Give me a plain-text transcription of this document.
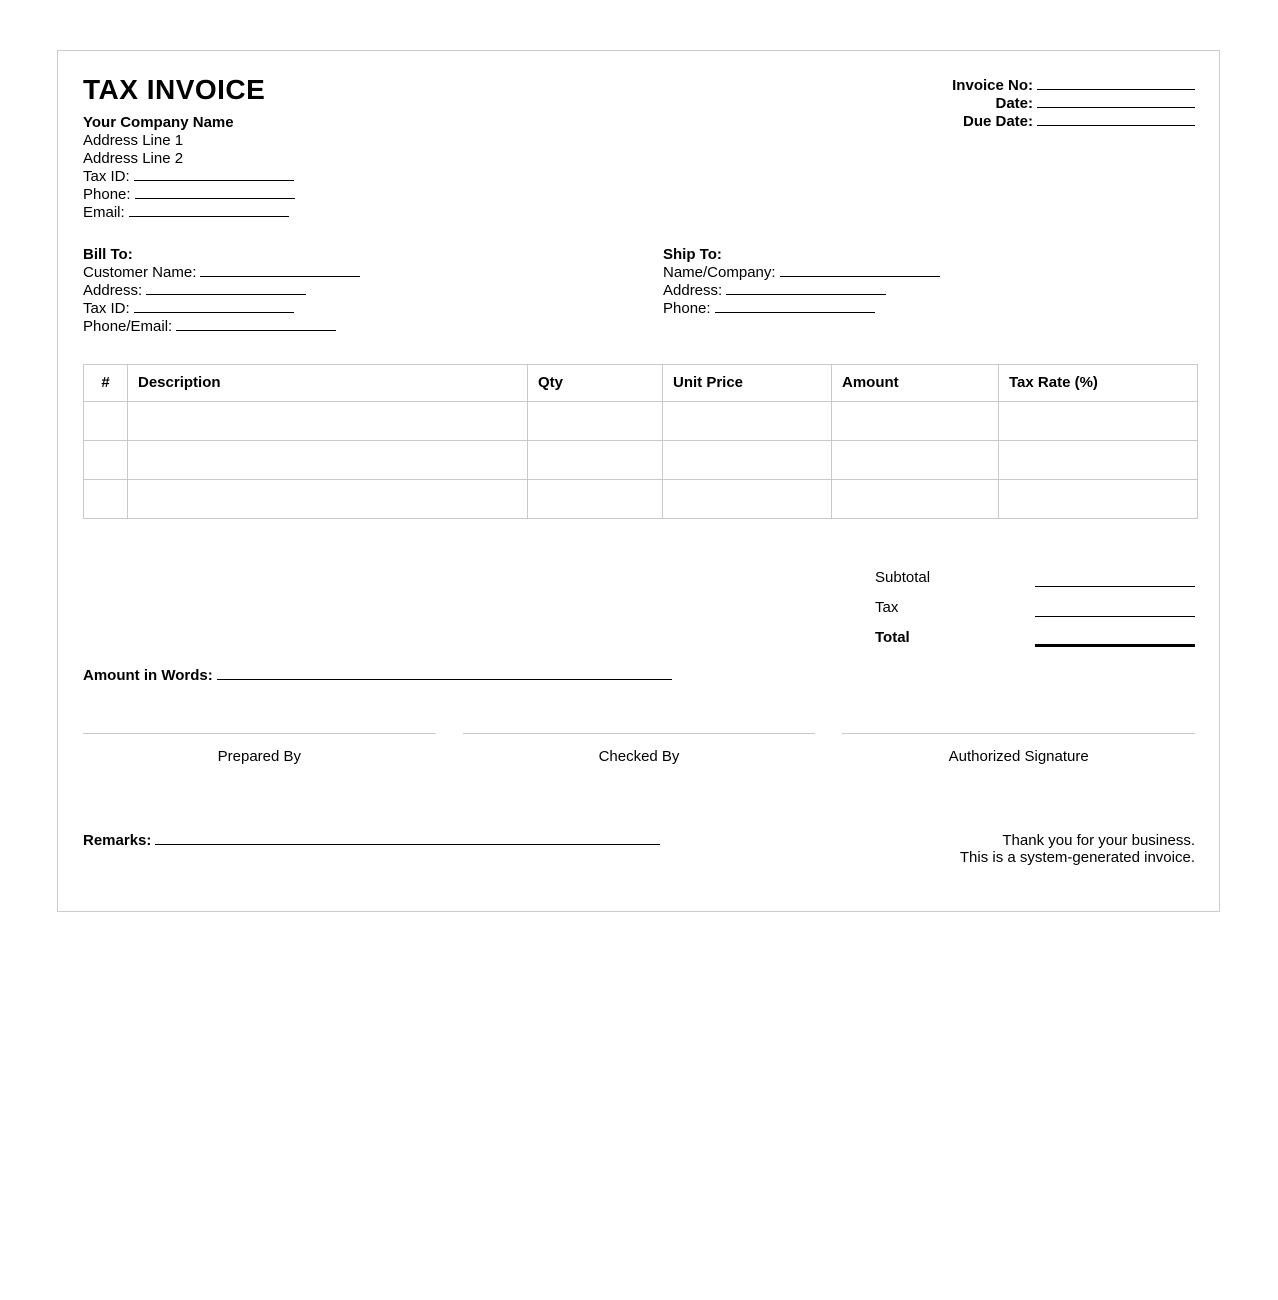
TAX INVOICE
Your Company Name
Address Line 1
Address Line 2
Tax ID:
Phone:
Email:
Invoice No:
Date:
Due Date:
Bill To:
Customer Name:
Address:
Tax ID:
Phone/Email:
Ship To:
Name/Company:
Address:
Phone:
#	Description	Qty	Unit Price	Amount	Tax Rate (%)

Subtotal
Tax
Total
Amount in Words:
Prepared By	Checked By	Authorized Signature
Remarks:	Thank you for your business.
This is a system-generated invoice.
